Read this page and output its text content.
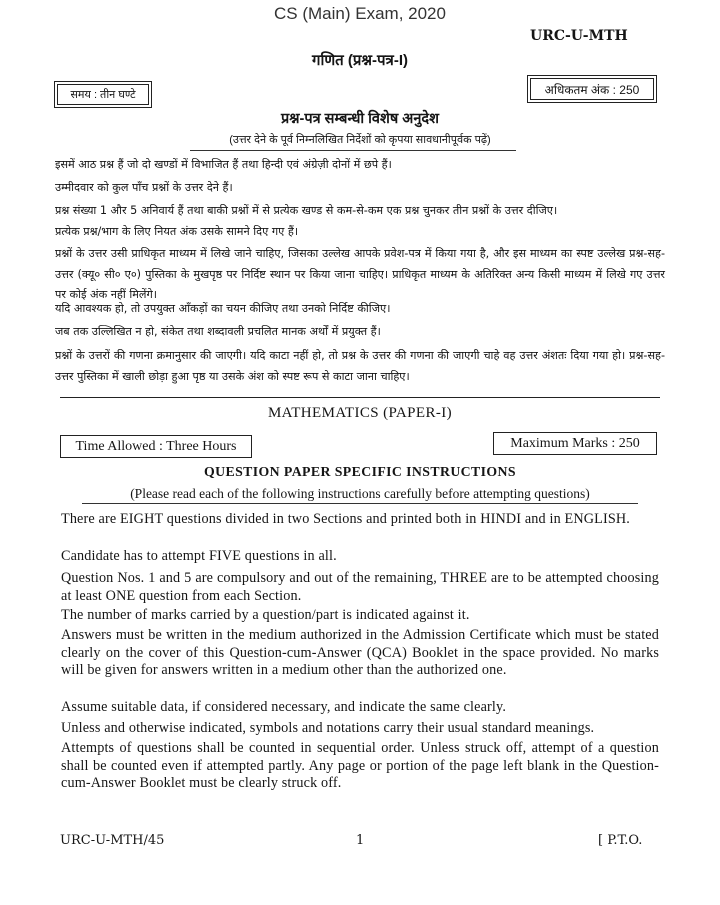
CS (Main) Exam, 2020
URC-U-MTH
गणित (प्रश्न-पत्र-I)
समय : तीन घण्टे	अधिकतम अंक : 250
प्रश्न-पत्र सम्बन्धी विशेष अनुदेश
(उत्तर देने के पूर्व निम्नलिखित निर्देशों को कृपया सावधानीपूर्वक पढ़ें)
इसमें आठ प्रश्न हैं जो दो खण्डों में विभाजित हैं तथा हिन्दी एवं अंग्रेज़ी दोनों में छपे हैं।
उम्मीदवार को कुल पाँच प्रश्नों के उत्तर देने हैं।
प्रश्न संख्या 1 और 5 अनिवार्य हैं तथा बाकी प्रश्नों में से प्रत्येक खण्ड से कम-से-कम एक प्रश्न चुनकर तीन प्रश्नों के उत्तर दीजिए।
प्रत्येक प्रश्न/भाग के लिए नियत अंक उसके सामने दिए गए हैं।
प्रश्नों के उत्तर उसी प्राधिकृत माध्यम में लिखे जाने चाहिए, जिसका उल्लेख आपके प्रवेश-पत्र में किया गया है, और इस माध्यम का स्पष्ट उल्लेख प्रश्न-सह-उत्तर (क्यू० सी० ए०) पुस्तिका के मुखपृष्ठ पर निर्दिष्ट स्थान पर किया जाना चाहिए। प्राधिकृत माध्यम के अतिरिक्त अन्य किसी माध्यम में लिखे गए उत्तर पर कोई अंक नहीं मिलेंगे।
यदि आवश्यक हो, तो उपयुक्त आँकड़ों का चयन कीजिए तथा उनको निर्दिष्ट कीजिए।
जब तक उल्लिखित न हो, संकेत तथा शब्दावली प्रचलित मानक अर्थों में प्रयुक्त हैं।
प्रश्नों के उत्तरों की गणना क्रमानुसार की जाएगी। यदि काटा नहीं हो, तो प्रश्न के उत्तर की गणना की जाएगी चाहे वह उत्तर अंशतः दिया गया हो। प्रश्न-सह-उत्तर पुस्तिका में खाली छोड़ा हुआ पृष्ठ या उसके अंश को स्पष्ट रूप से काटा जाना चाहिए।
MATHEMATICS (PAPER-I)
Time Allowed : Three Hours	Maximum Marks : 250
QUESTION PAPER SPECIFIC INSTRUCTIONS
(Please read each of the following instructions carefully before attempting questions)
There are EIGHT questions divided in two Sections and printed both in HINDI and in ENGLISH.
Candidate has to attempt FIVE questions in all.
Question Nos. 1 and 5 are compulsory and out of the remaining, THREE are to be attempted choosing at least ONE question from each Section.
The number of marks carried by a question/part is indicated against it.
Answers must be written in the medium authorized in the Admission Certificate which must be stated clearly on the cover of this Question-cum-Answer (QCA) Booklet in the space provided. No marks will be given for answers written in a medium other than the authorized one.
Assume suitable data, if considered necessary, and indicate the same clearly.
Unless and otherwise indicated, symbols and notations carry their usual standard meanings.
Attempts of questions shall be counted in sequential order. Unless struck off, attempt of a question shall be counted even if attempted partly. Any page or portion of the page left blank in the Question-cum-Answer Booklet must be clearly struck off.
URC-U-MTH/45	1	[ P.T.O.
